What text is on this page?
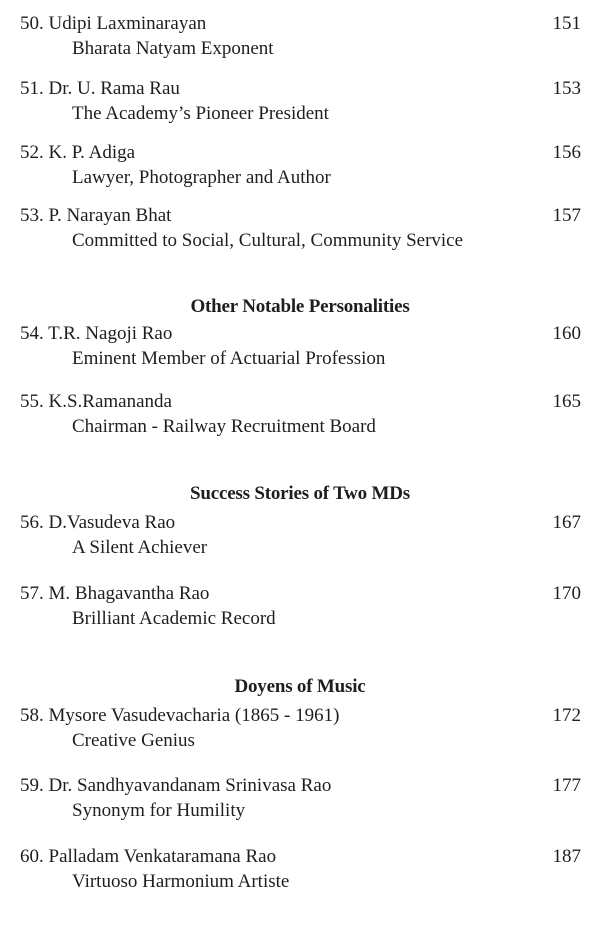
50. Udipi Laxminarayan
Bharata Natyam Exponent
151
51. Dr. U. Rama Rau
The Academy’s Pioneer President
153
52. K. P. Adiga
Lawyer, Photographer and Author
156
53. P. Narayan Bhat
Committed to Social, Cultural, Community Service
157
Other Notable Personalities
54. T.R. Nagoji Rao
Eminent Member of Actuarial Profession
160
55. K.S.Ramananda
Chairman - Railway Recruitment Board
165
Success Stories of Two MDs
56. D.Vasudeva Rao
A Silent Achiever
167
57. M. Bhagavantha Rao
Brilliant Academic Record
170
Doyens of Music
58. Mysore Vasudevacharia (1865 - 1961)
Creative Genius
172
59. Dr. Sandhyavandanam Srinivasa Rao
Synonym for Humility
177
60. Palladam Venkataramana Rao
Virtuoso Harmonium Artiste
187
